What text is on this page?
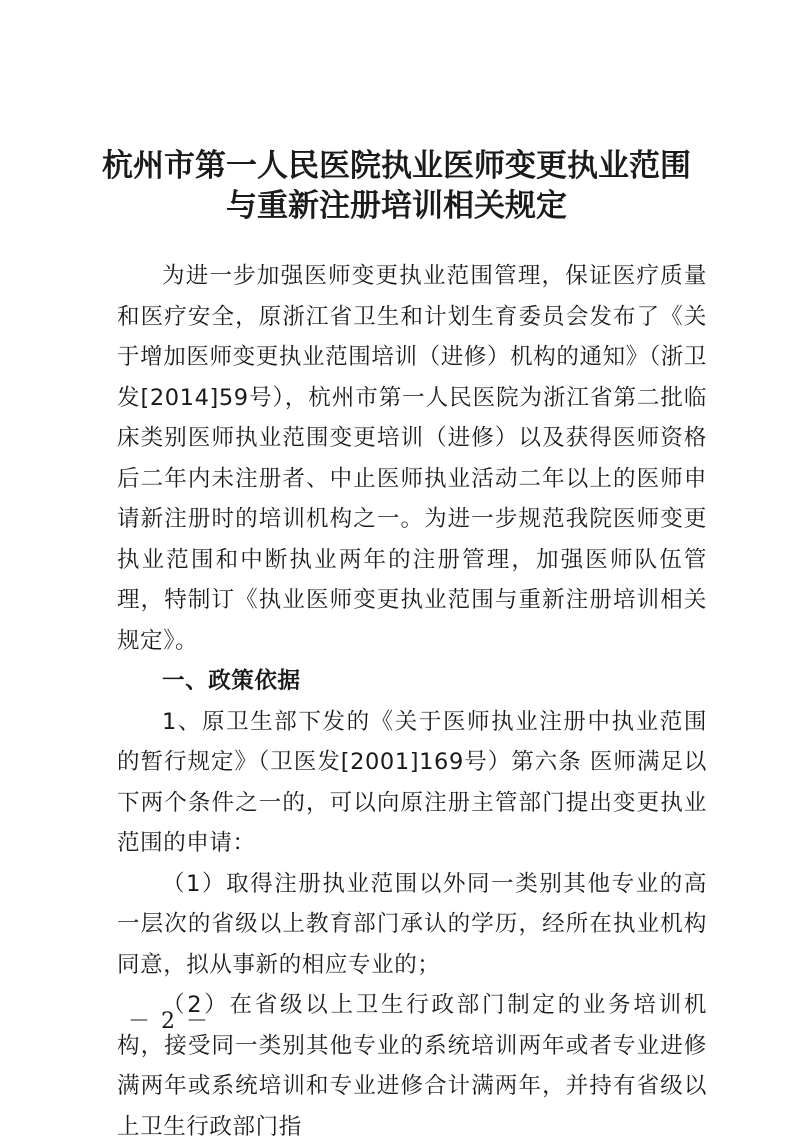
杭州市第一人民医院执业医师变更执业范围
与重新注册培训相关规定

为进一步加强医师变更执业范围管理，保证医疗质量和医疗安全，原浙江省卫生和计划生育委员会发布了《关于增加医师变更执业范围培训（进修）机构的通知》（浙卫发[2014]59号），杭州市第一人民医院为浙江省第二批临床类别医师执业范围变更培训（进修）以及获得医师资格后二年内未注册者、中止医师执业活动二年以上的医师申请新注册时的培训机构之一。为进一步规范我院医师变更执业范围和中断执业两年的注册管理，加强医师队伍管理，特制订《执业医师变更执业范围与重新注册培训相关规定》。

一、政策依据

1、原卫生部下发的《关于医师执业注册中执业范围的暂行规定》（卫医发[2001]169号）第六条 医师满足以下两个条件之一的，可以向原注册主管部门提出变更执业范围的申请：

（1）取得注册执业范围以外同一类别其他专业的高一层次的省级以上教育部门承认的学历，经所在执业机构同意，拟从事新的相应专业的；

（2）在省级以上卫生行政部门制定的业务培训机构，接受同一类别其他专业的系统培训两年或者专业进修满两年或系统培训和专业进修合计满两年，并持有省级以上卫生行政部门指

－ 2 －
